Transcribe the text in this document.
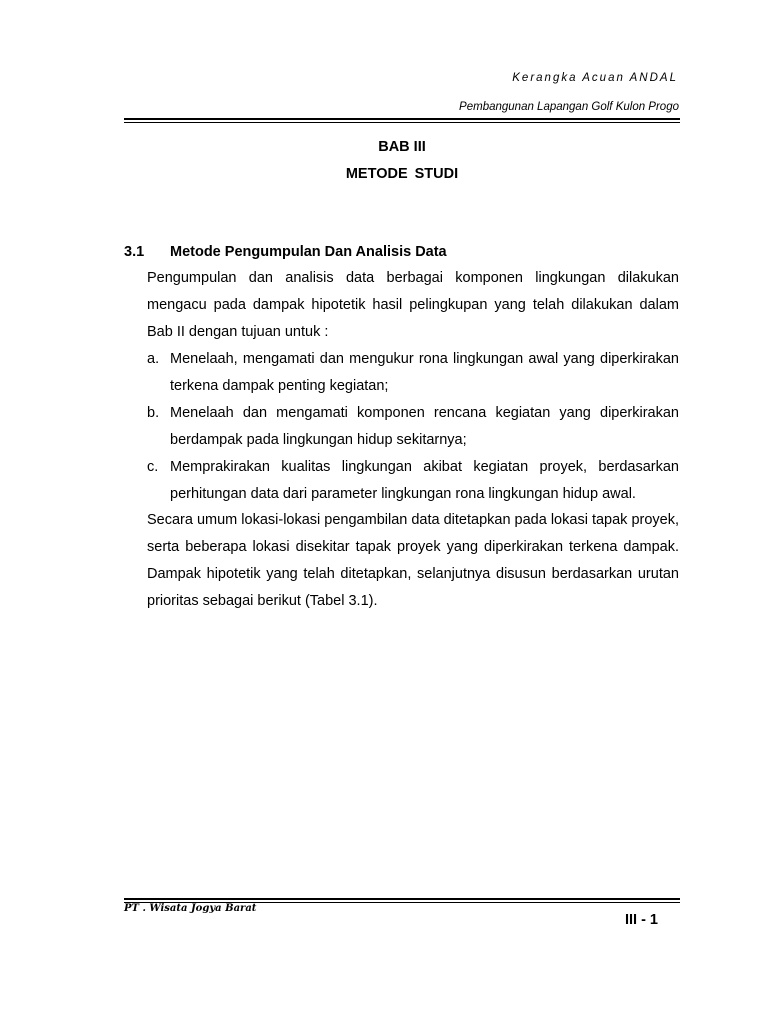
Kerangka Acuan ANDAL
Pembangunan Lapangan Golf Kulon Progo
BAB III
METODE STUDI
3.1 Metode Pengumpulan Dan Analisis Data
Pengumpulan dan analisis data berbagai komponen lingkungan dilakukan mengacu pada dampak hipotetik hasil pelingkupan yang telah dilakukan dalam Bab II dengan tujuan untuk :
a. Menelaah, mengamati dan mengukur rona lingkungan awal yang diperkirakan terkena dampak penting kegiatan;
b. Menelaah dan mengamati komponen rencana kegiatan yang diperkirakan berdampak pada lingkungan hidup sekitarnya;
c. Memprakirakan kualitas lingkungan akibat kegiatan proyek, berdasarkan perhitungan data dari parameter lingkungan rona lingkungan hidup awal.
Secara umum lokasi-lokasi pengambilan data ditetapkan pada lokasi tapak proyek, serta beberapa lokasi disekitar tapak proyek yang diperkirakan terkena dampak. Dampak hipotetik yang telah ditetapkan, selanjutnya disusun berdasarkan urutan prioritas sebagai berikut (Tabel 3.1).
PT . Wisata Jogya Barat
III - 1
